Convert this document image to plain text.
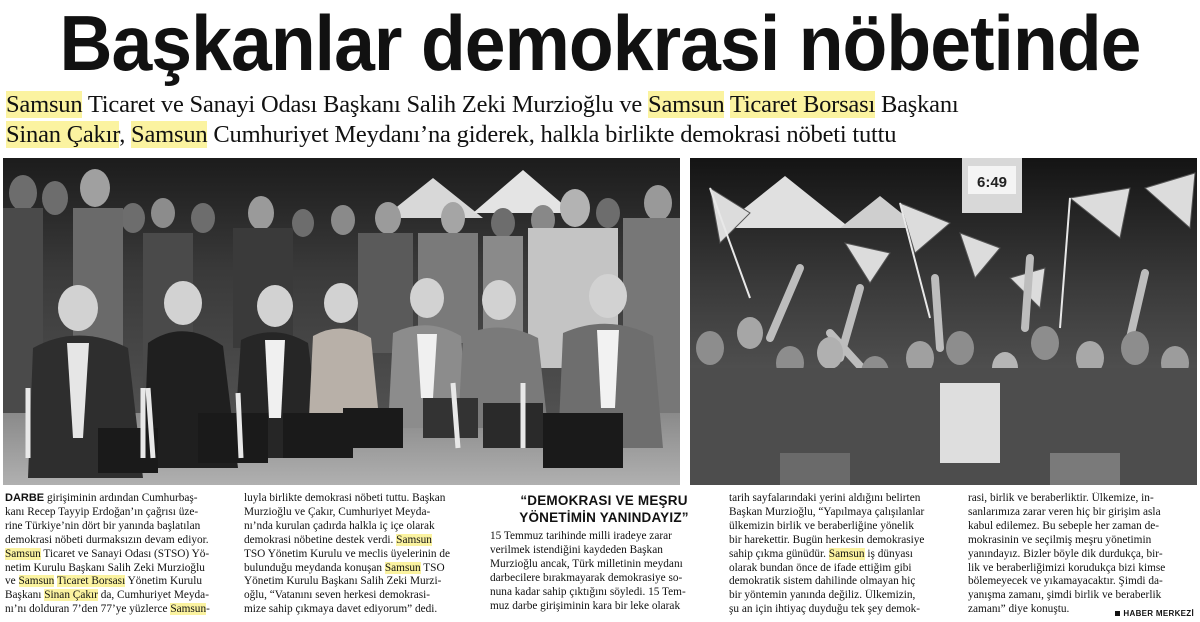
Başkanlar demokrasi nöbetinde
Samsun Ticaret ve Sanayi Odası Başkanı Salih Zeki Murzioğlu ve Samsun Ticaret Borsası Başkanı
Sinan Çakır, Samsun Cumhuriyet Meydanı’na giderek, halkla birlikte demokrasi nöbeti tuttu
6:49
DARBE girişiminin ardından Cumhurbaş-
kanı Recep Tayyip Erdoğan’ın çağrısı üze-
rine Türkiye’nin dört bir yanında başlatılan
demokrasi nöbeti durmaksızın devam ediyor.
Samsun Ticaret ve Sanayi Odası (STSO) Yö-
netim Kurulu Başkanı Salih Zeki Murzioğlu
ve Samsun Ticaret Borsası Yönetim Kurulu
Başkanı Sinan Çakır da, Cumhuriyet Meyda-
nı’nı dolduran 7’den 77’ye yüzlerce Samsun-
luyla birlikte demokrasi nöbeti tuttu. Başkan
Murzioğlu ve Çakır, Cumhuriyet Meyda-
nı’nda kurulan çadırda halkla iç içe olarak
demokrasi nöbetine destek verdi. Samsun
TSO Yönetim Kurulu ve meclis üyelerinin de
bulunduğu meydanda konuşan Samsun TSO
Yönetim Kurulu Başkanı Salih Zeki Murzi-
oğlu, “Vatanını seven herkesi demokrasi-
mize sahip çıkmaya davet ediyorum” dedi.
“DEMOKRASI VE MEŞRU
YÖNETİMİN YANINDAYIZ”
15 Temmuz tarihinde milli iradeye zarar
verilmek istendiğini kaydeden Başkan
Murzioğlu ancak, Türk milletinin meydanı
darbecilere bırakmayarak demokrasiye so-
nuna kadar sahip çıktığını söyledi. 15 Tem-
muz darbe girişiminin kara bir leke olarak
tarih sayfalarındaki yerini aldığını belirten
Başkan Murzioğlu, “Yapılmaya çalışılanlar
ülkemizin birlik ve beraberliğine yönelik
bir harekettir. Bugün herkesin demokrasiye
sahip çıkma günüdür. Samsun iş dünyası
olarak bundan önce de ifade ettiğim gibi
demokratik sistem dahilinde olmayan hiç
bir yöntemin yanında değiliz. Ülkemizin,
şu an için ihtiyaç duyduğu tek şey demok-
rasi, birlik ve beraberliktir. Ülkemize, in-
sanlarımıza zarar veren hiç bir girişim asla
kabul edilemez. Bu sebeple her zaman de-
mokrasinin ve seçilmiş meşru yönetimin
yanındayız. Bizler böyle dik durdukça, bir-
lik ve beraberliğimizi korudukça bizi kimse
bölemeyecek ve yıkamayacaktır. Şimdi da-
yanışma zamanı, şimdi birlik ve beraberlik
zamanı” diye konuştu.	HABER MERKEZİ
